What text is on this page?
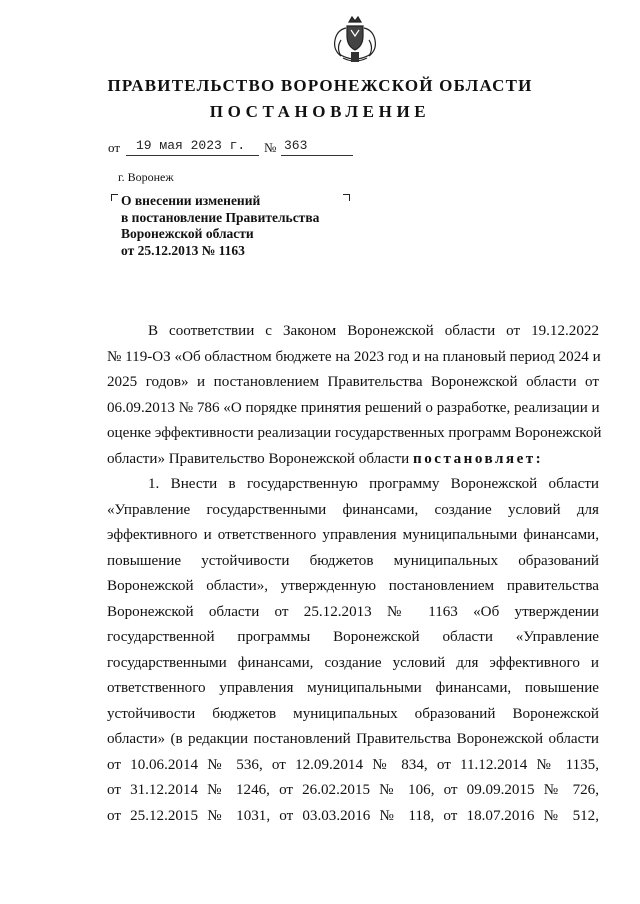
ПРАВИТЕЛЬСТВО ВОРОНЕЖСКОЙ ОБЛАСТИ
ПОСТАНОВЛЕНИЕ
от 19 мая 2023 г. № 363
г. Воронеж
О внесении изменений
в постановление Правительства
Воронежской области
от 25.12.2013 № 1163
В соответствии с Законом Воронежской области от 19.12.2022
№ 119-ОЗ «Об областном бюджете на 2023 год и на плановый период 2024 и
2025 годов» и постановлением Правительства Воронежской области от
06.09.2013 № 786 «О порядке принятия решений о разработке, реализации и
оценке эффективности реализации государственных программ Воронежской
области» Правительство Воронежской области постановляет:
1. Внести в государственную программу Воронежской области
«Управление государственными финансами, создание условий для
эффективного и ответственного управления муниципальными финансами,
повышение устойчивости бюджетов муниципальных образований
Воронежской области», утвержденную постановлением правительства
Воронежской области от 25.12.2013 № 1163 «Об утверждении
государственной программы Воронежской области «Управление
государственными финансами, создание условий для эффективного и
ответственного управления муниципальными финансами, повышение
устойчивости бюджетов муниципальных образований Воронежской
области» (в редакции постановлений Правительства Воронежской области
от 10.06.2014 № 536, от 12.09.2014 № 834, от 11.12.2014 № 1135,
от 31.12.2014 № 1246, от 26.02.2015 № 106, от 09.09.2015 № 726,
от 25.12.2015 № 1031, от 03.03.2016 № 118, от 18.07.2016 № 512,
